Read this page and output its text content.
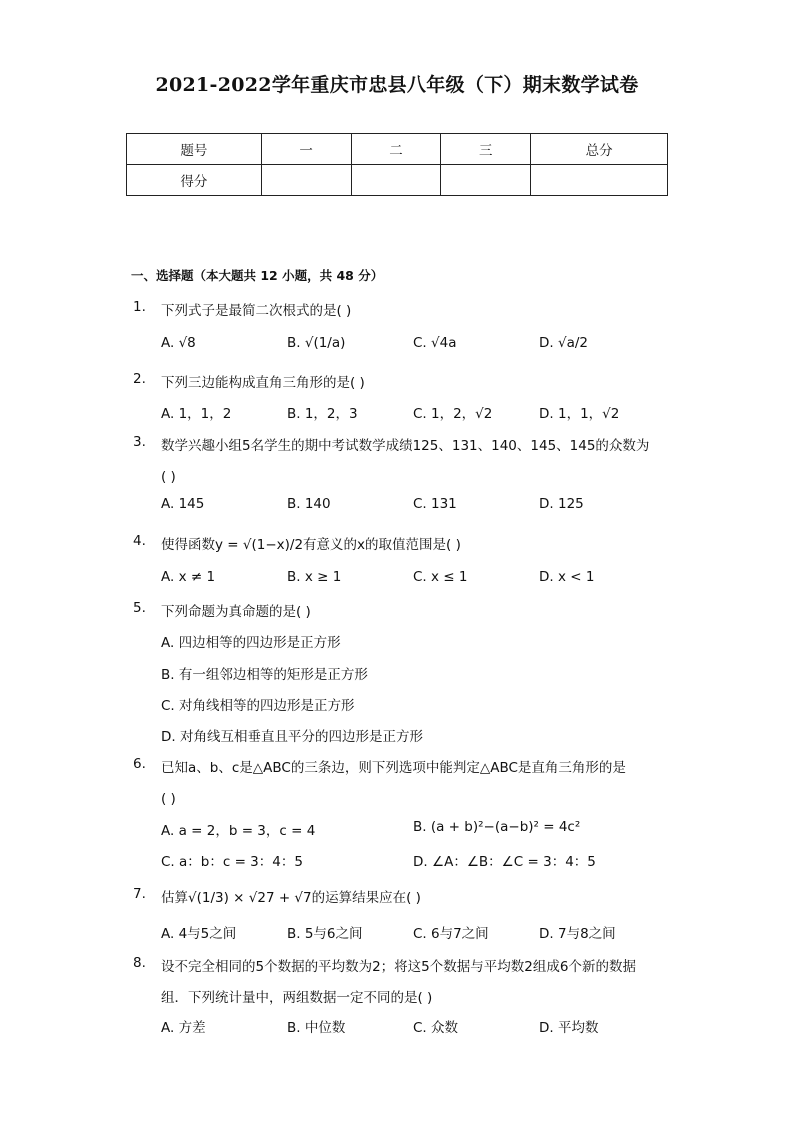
2021-2022学年重庆市忠县八年级（下）期末数学试卷
题号	一	二	三	总分
得分				
一、选择题（本大题共 12 小题，共 48 分）
1. 下列式子是最简二次根式的是( )
A. √8	B. √(1/a)	C. √4a	D. √a/2
2. 下列三边能构成直角三角形的是( )
A. 1，1，2	B. 1，2，3	C. 1，2，√2	D. 1，1，√2
3. 数学兴趣小组5名学生的期中考试数学成绩125、131、140、145、145的众数为
( )
A. 145	B. 140	C. 131	D. 125
4. 使得函数y = √(1−x)/2有意义的x的取值范围是( )
A. x ≠ 1	B. x ≥ 1	C. x ≤ 1	D. x < 1
5. 下列命题为真命题的是( )
A. 四边相等的四边形是正方形
B. 有一组邻边相等的矩形是正方形
C. 对角线相等的四边形是正方形
D. 对角线互相垂直且平分的四边形是正方形
6. 已知a、b、c是△ABC的三条边，则下列选项中能判定△ABC是直角三角形的是
( )
A. a = 2，b = 3，c = 4	B. (a + b)²−(a−b)² = 4c²
C. a：b：c = 3：4：5	D. ∠A：∠B：∠C = 3：4：5
7. 估算√(1/3) × √27 + √7的运算结果应在( )
A. 4与5之间	B. 5与6之间	C. 6与7之间	D. 7与8之间
8. 设不完全相同的5个数据的平均数为2；将这5个数据与平均数2组成6个新的数据
组．下列统计量中，两组数据一定不同的是( )
A. 方差	B. 中位数	C. 众数	D. 平均数
